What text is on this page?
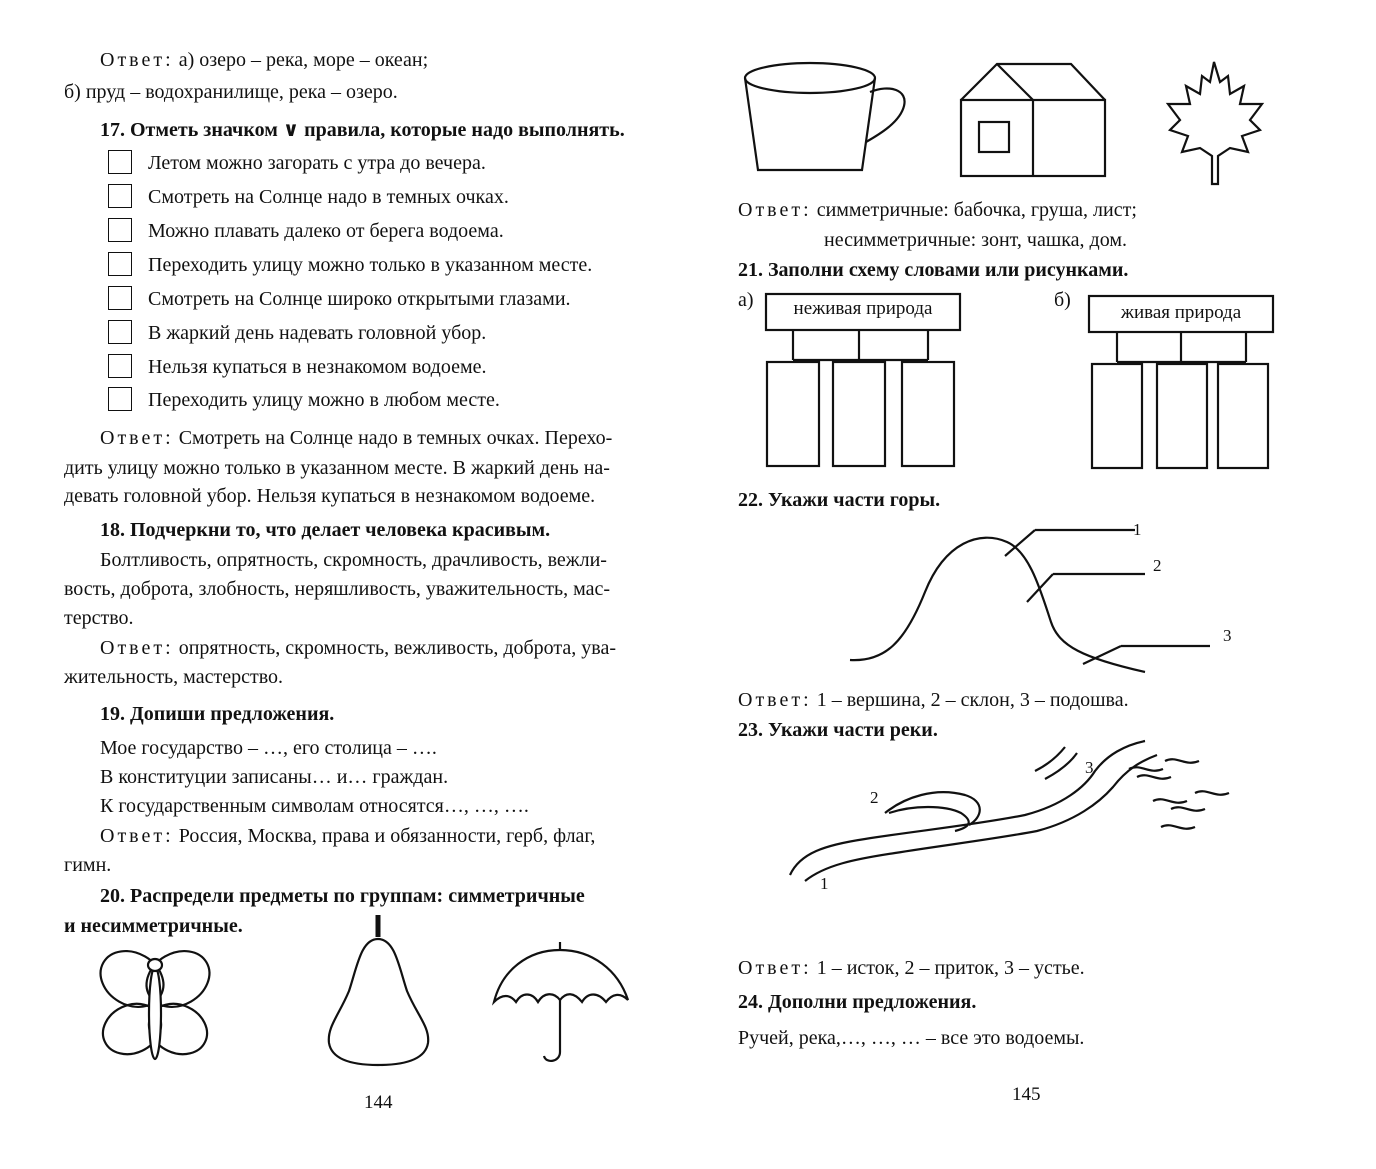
Ответ: а) озеро – река, море – океан;
б) пруд – водохранилище, река – озеро.
17. Отметь значком ∨ правила, которые надо выполнять.
Летом можно загорать с утра до вечера.
Смотреть на Солнце надо в темных очках.
Можно плавать далеко от берега водоема.
Переходить улицу можно только в указанном месте.
Смотреть на Солнце широко открытыми глазами.
В жаркий день надевать головной убор.
Нельзя купаться в незнакомом водоеме.
Переходить улицу можно в любом месте.
Ответ: Смотреть на Солнце надо в темных очках. Перехо-
дить улицу можно только в указанном месте. В жаркий день на-
девать головной убор. Нельзя купаться в незнакомом водоеме.
18. Подчеркни то, что делает человека красивым.
Болтливость, опрятность, скромность, драчливость, вежли-
вость, доброта, злобность, неряшливость, уважительность, мас-
терство.
Ответ: опрятность, скромность, вежливость, доброта, ува-
жительность, мастерство.
19. Допиши предложения.
Мое государство – …, его столица – ….
В конституции записаны… и… граждан.
К государственным символам относятся…, …, ….
Ответ: Россия, Москва, права и обязанности, герб, флаг,
гимн.
20. Распредели предметы по группам: симметричные
и несимметричные.
144
Ответ: симметричные: бабочка, груша, лист;
несимметричные: зонт, чашка, дом.
21. Заполни схему словами или рисунками.
а)	неживая природа	б)
живая природа
22. Укажи части горы.
1
2
3
Ответ: 1 – вершина, 2 – склон, 3 – подошва.
23. Укажи части реки.
1
2
3
Ответ: 1 – исток, 2 – приток, 3 – устье.
24. Дополни предложения.
Ручей, река,…, …, … – все это водоемы.
145
